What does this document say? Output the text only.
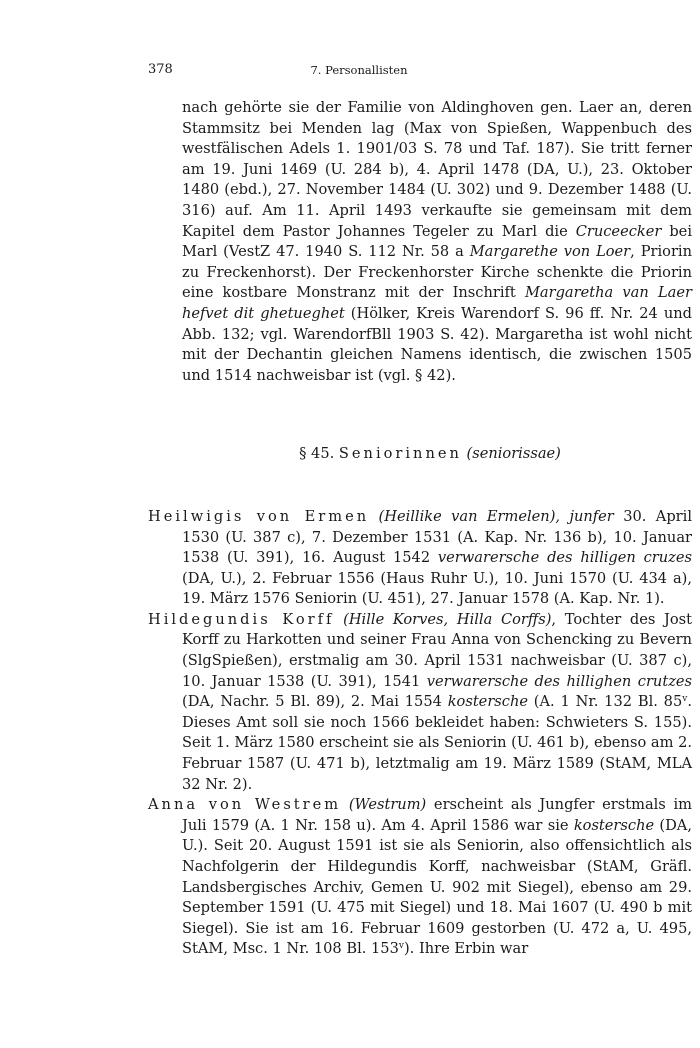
378	7. Personallisten

nach gehörte sie der Familie von Aldinghoven gen. Laer an, deren Stammsitz bei Menden lag (Max von Spießen, Wappenbuch des westfälischen Adels 1. 1901/03 S. 78 und Taf. 187). Sie tritt ferner am 19. Juni 1469 (U. 284 b), 4. April 1478 (DA, U.), 23. Oktober 1480 (ebd.), 27. November 1484 (U. 302) und 9. Dezember 1488 (U. 316) auf. Am 11. April 1493 verkaufte sie gemeinsam mit dem Kapitel dem Pastor Johannes Tegeler zu Marl die Cruceecker bei Marl (VestZ 47. 1940 S. 112 Nr. 58 a Margarethe von Loer, Priorin zu Freckenhorst). Der Freckenhorster Kirche schenkte die Priorin eine kostbare Monstranz mit der Inschrift Margaretha van Laer hefvet dit ghetueghet (Hölker, Kreis Warendorf S. 96 ff. Nr. 24 und Abb. 132; vgl. WarendorfBll 1903 S. 42). Margaretha ist wohl nicht mit der Dechantin gleichen Namens identisch, die zwischen 1505 und 1514 nachweisbar ist (vgl. § 42).

§ 45. Seniorinnen (seniorissae)

Heilwigis von Ermen (Heillike van Ermelen), junfer 30. April 1530 (U. 387 c), 7. Dezember 1531 (A. Kap. Nr. 136 b), 10. Januar 1538 (U. 391), 16. August 1542 verwarersche des hilligen cruzes (DA, U.), 2. Februar 1556 (Haus Ruhr U.), 10. Juni 1570 (U. 434 a), 19. März 1576 Seniorin (U. 451), 27. Januar 1578 (A. Kap. Nr. 1).

Hildegundis Korff (Hille Korves, Hilla Corffs), Tochter des Jost Korff zu Harkotten und seiner Frau Anna von Schencking zu Bevern (SlgSpießen), erstmalig am 30. April 1531 nachweisbar (U. 387 c), 10. Januar 1538 (U. 391), 1541 verwarersche des hillighen crutzes (DA, Nachr. 5 Bl. 89), 2. Mai 1554 kostersche (A. 1 Nr. 132 Bl. 85$^v$. Dieses Amt soll sie noch 1566 bekleidet haben: Schwieters S. 155). Seit 1. März 1580 erscheint sie als Seniorin (U. 461 b), ebenso am 2. Februar 1587 (U. 471 b), letztmalig am 19. März 1589 (StAM, MLA 32 Nr. 2).

Anna von Westrem (Westrum) erscheint als Jungfer erstmals im Juli 1579 (A. 1 Nr. 158 u). Am 4. April 1586 war sie kostersche (DA, U.). Seit 20. August 1591 ist sie als Seniorin, also offensichtlich als Nachfolgerin der Hildegundis Korff, nachweisbar (StAM, Gräfl. Landsbergisches Archiv, Gemen U. 902 mit Siegel), ebenso am 29. September 1591 (U. 475 mit Siegel) und 18. Mai 1607 (U. 490 b mit Siegel). Sie ist am 16. Februar 1609 gestorben (U. 472 a, U. 495, StAM, Msc. 1 Nr. 108 Bl. 153$^v$). Ihre Erbin war
